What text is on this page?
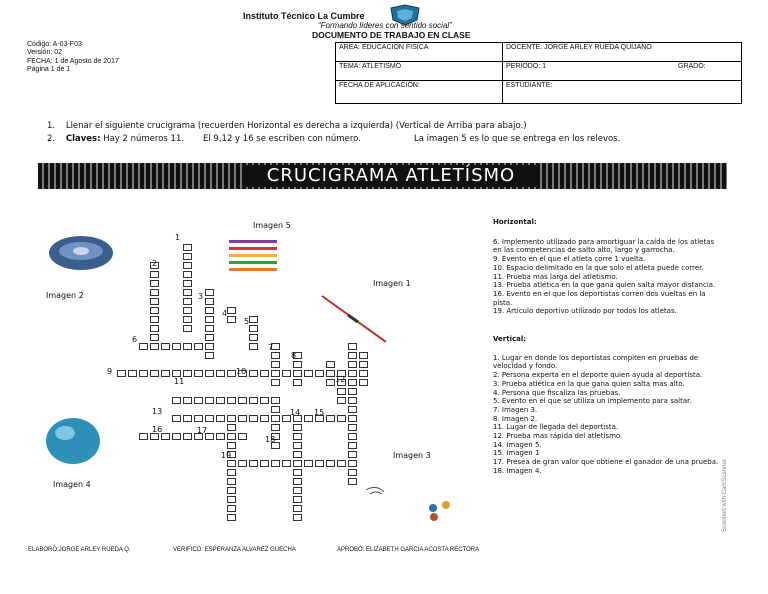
Instituto Técnico La Cumbre
“Formando líderes con sentido social”
DOCUMENTO DE TRABAJO EN CLASE
Código: A-03-F03
Versión: 02
FECHA: 1 de Agosto de 2017
Página 1 de 1
AREA: EDUCACION FISICA	DOCENTE: JORGE ARLEY RUEDA QUIJANO	
TEMA: ATLETISMO	PERIODO: 1	GRADO:
FECHA DE APLICACION:	ESTUDIANTE:	
1. Llenar el siguiente crucigrama (recuerden Horizontal es derecha a izquierda) (Vertical de Arriba para abajo.)
2. Claves: Hay 2 números 11. El 9,12 y 16 se escriben con número.	La imagen 5 es lo que se entrega en los relevos.
CRUCIGRAMA ATLETÍSMO
Imagen 5
Imagen 2
Imagen 1
Imagen 4
Imagen 3
1
2
3
4
5
6
7
8
9	10
11	12
13	14 15
16	17
18
19

Horizontal:

6. Implemento utilizado para amortiguar la caída de los atletas en las competencias de salto alto, largo y garrocha.

9. Evento en el que el atleta corre 1 vuelta.

10. Espacio delimitado en la que solo el atleta puede correr.

11. Prueba mas larga del atletismo.

13. Prueba atlética en la que gana quien salta mayor distancia.

16. Evento en el que los deportistas corren dos vueltas en la pista.

19. Articulo deportivo utilizado por todos los atletas.

Vertical:

1. Lugar en donde los deportistas compiten en pruebas de velocidad y fondo.

2. Persona experta en el deporte quien ayuda al deportista.

3. Prueba atlética en la que gana quien salta mas alto.

4. Persona que fiscaliza las pruebas.

5. Evento en el que se utiliza un implemento para saltar.

7. Imagen 3.

8. Imagen 2.

11. Lugar de llegada del deportista.

12. Prueba mas rápida del atletismo.

14. Imagen 5.

15. Imagen 1

17. Presea de gran valor que obtiene el ganador de una prueba.

18. Imagen 4.	Scanned with CamScanner
ELABORÓ:JORGE ARLEY RUEDA Q.	VERIFICÓ: ESPERANZA ALVAREZ GUECHA	APROBÓ: ELIZABETH GARCIA ACOSTA RECTORA
